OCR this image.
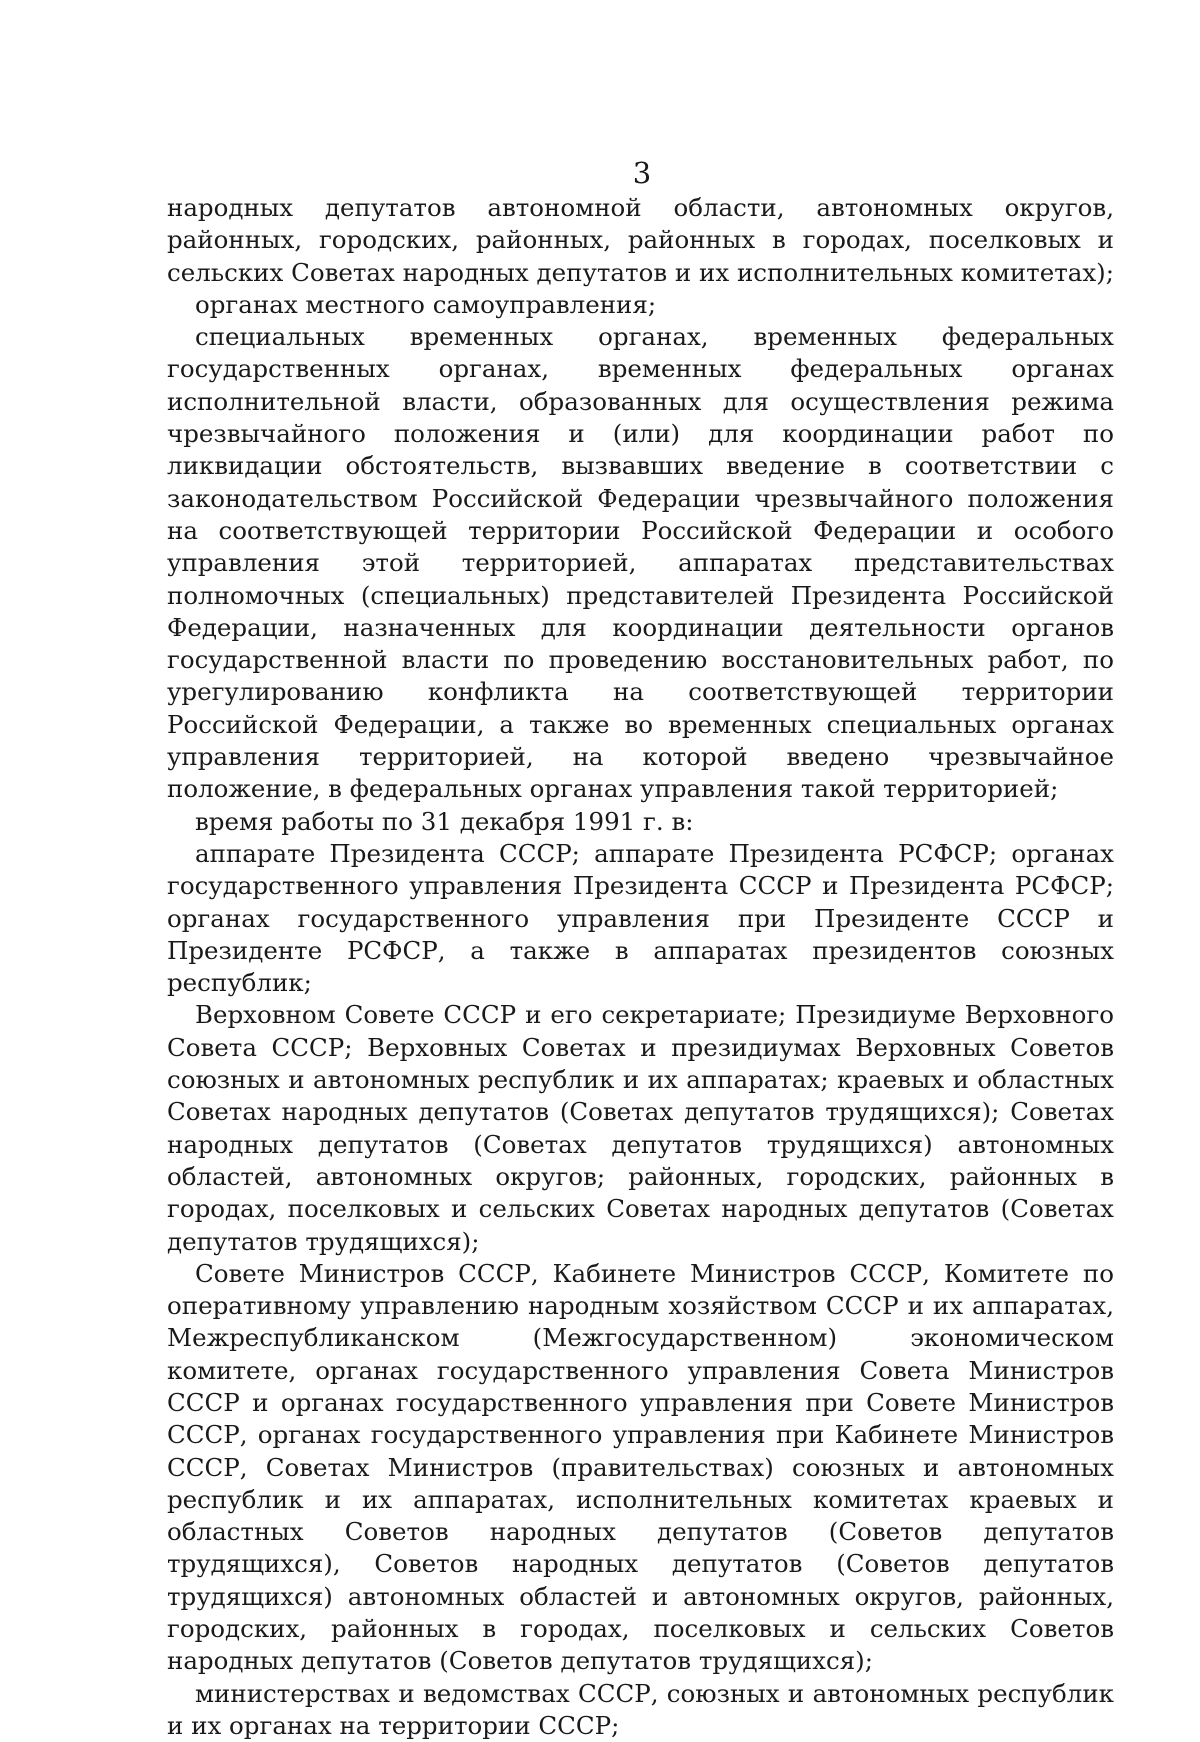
3

народных депутатов автономной области, автономных округов, районных, городских, районных, районных в городах, поселковых и сельских Советах народных депутатов и их исполнительных комитетах);

органах местного самоуправления;

специальных временных органах, временных федеральных государственных органах, временных федеральных органах исполнительной власти, образованных для осуществления режима чрезвычайного положения и (или) для координации работ по ликвидации обстоятельств, вызвавших введение в соответствии с законодательством Российской Федерации чрезвычайного положения на соответствующей территории Российской Федерации и особого управления этой территорией, аппаратах представительствах полномочных (специальных) представителей Президента Российской Федерации, назначенных для координации деятельности органов государственной власти по проведению восстановительных работ, по урегулированию конфликта на соответствующей территории Российской Федерации, а также во временных специальных органах управления территорией, на которой введено чрезвычайное положение, в федеральных органах управления такой территорией;

время работы по 31 декабря 1991 г. в:

аппарате Президента СССР; аппарате Президента РСФСР; органах государственного управления Президента СССР и Президента РСФСР; органах государственного управления при Президенте СССР и Президенте РСФСР, а также в аппаратах президентов союзных республик;

Верховном Совете СССР и его секретариате; Президиуме Верховного Совета СССР; Верховных Советах и президиумах Верховных Советов союзных и автономных республик и их аппаратах; краевых и областных Советах народных депутатов (Советах депутатов трудящихся); Советах народных депутатов (Советах депутатов трудящихся) автономных областей, автономных округов; районных, городских, районных в городах, поселковых и сельских Советах народных депутатов (Советах депутатов трудящихся);

Совете Министров СССР, Кабинете Министров СССР, Комитете по оперативному управлению народным хозяйством СССР и их аппаратах, Межреспубликанском (Межгосударственном) экономическом комитете, органах государственного управления Совета Министров СССР и органах государственного управления при Совете Министров СССР, органах государственного управления при Кабинете Министров СССР, Советах Министров (правительствах) союзных и автономных республик и их аппаратах, исполнительных комитетах краевых и областных Советов народных депутатов (Советов депутатов трудящихся), Советов народных депутатов (Советов депутатов трудящихся) автономных областей и автономных округов, районных, городских, районных в городах, поселковых и сельских Советов народных депутатов (Советов депутатов трудящихся);

министерствах и ведомствах СССР, союзных и автономных республик и их органах на территории СССР;
